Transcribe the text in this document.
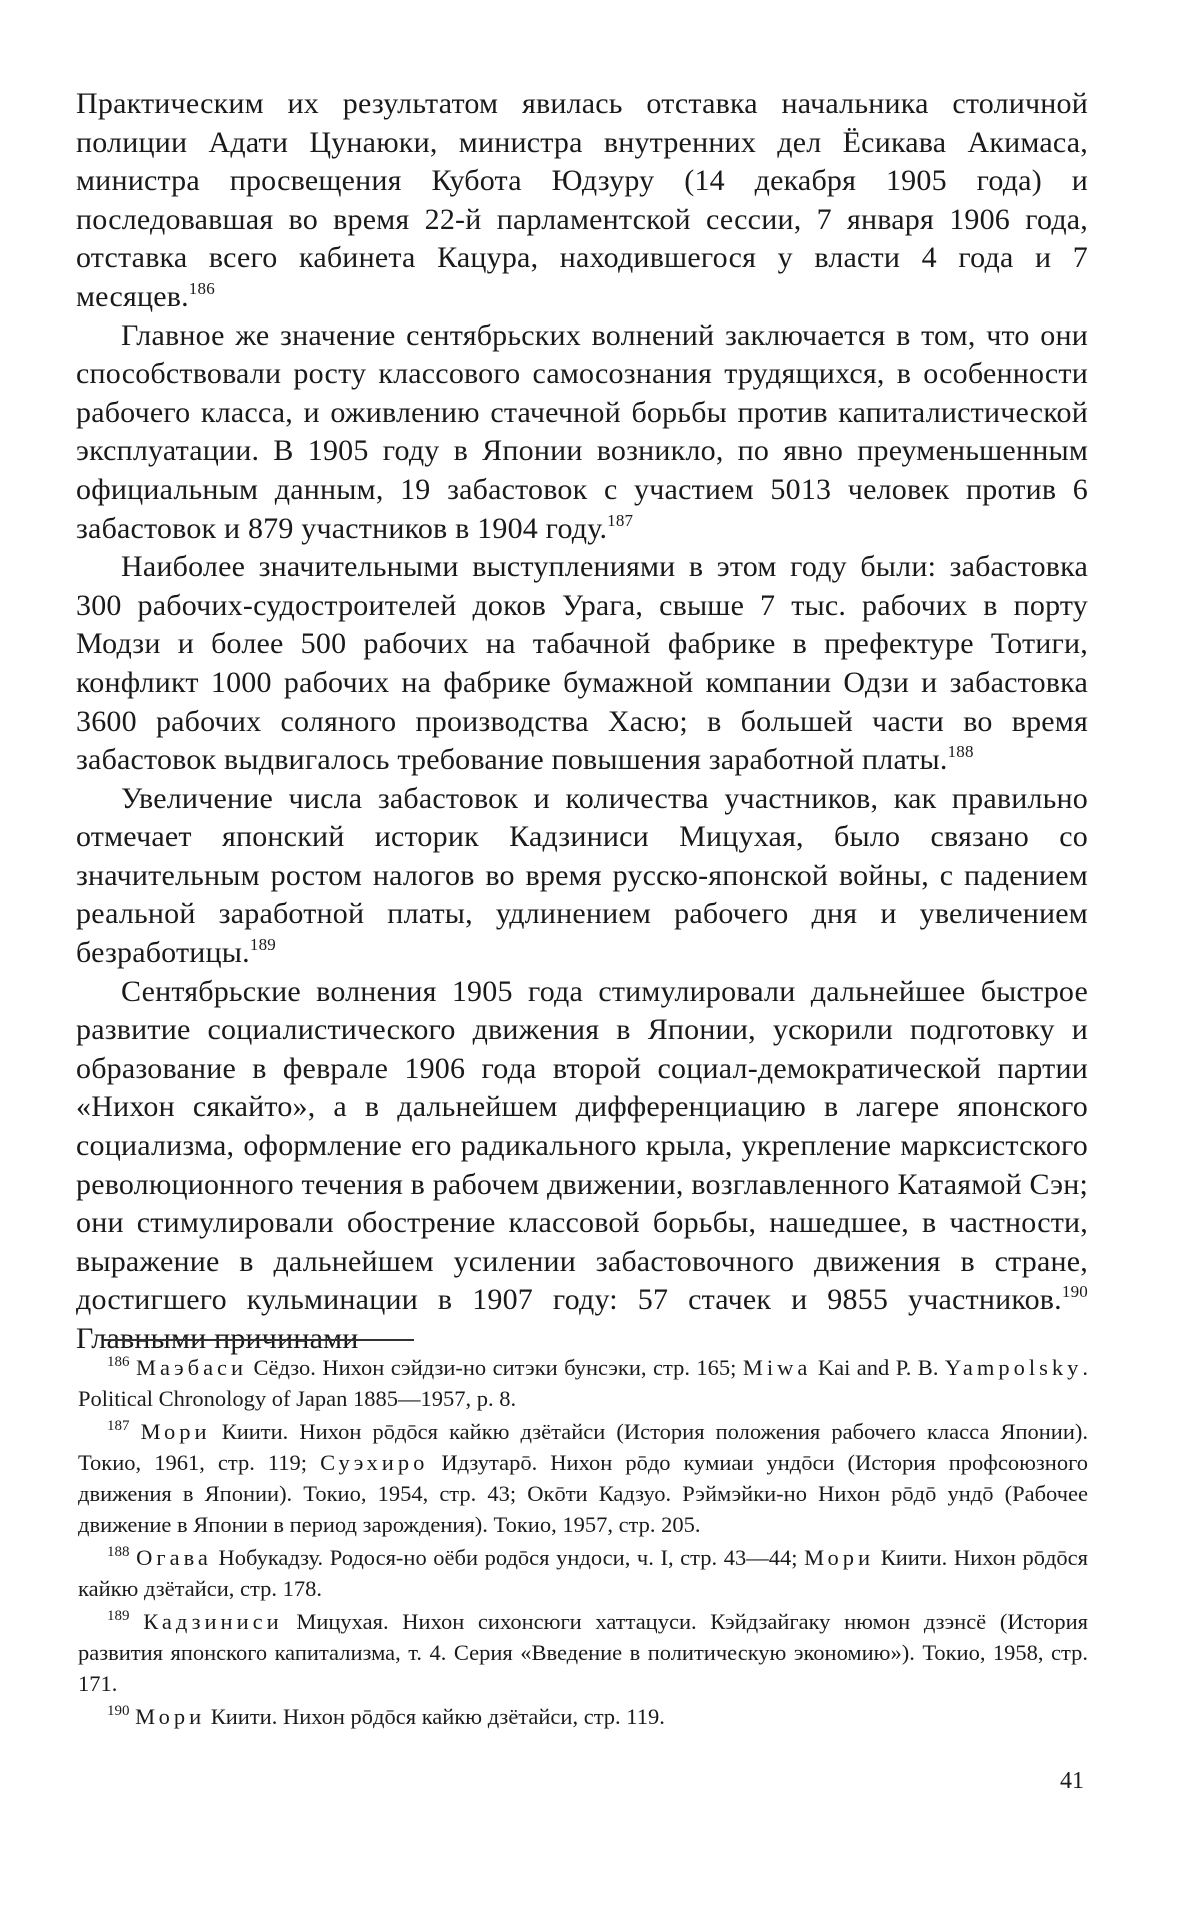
Практическим их результатом явилась отставка начальника столичной полиции Адати Цунаюки, министра внутренних дел Ёсикава Акимаса, министра просвещения Кубота Юдзуру (14 декабря 1905 года) и последовавшая во время 22-й парламентской сессии, 7 января 1906 года, отставка всего кабинета Кацура, находившегося у власти 4 года и 7 месяцев.$^{186}$

Главное же значение сентябрьских волнений заключается в том, что они способствовали росту классового самосознания трудящихся, в особенности рабочего класса, и оживлению стачечной борьбы против капиталистической эксплуатации. В 1905 году в Японии возникло, по явно преуменьшенным официальным данным, 19 забастовок с участием 5013 человек против 6 забастовок и 879 участников в 1904 году.$^{187}$

Наиболее значительными выступлениями в этом году были: забастовка 300 рабочих-судостроителей доков Урага, свыше 7 тыс. рабочих в порту Модзи и более 500 рабочих на табачной фабрике в префектуре Тотиги, конфликт 1000 рабочих на фабрике бумажной компании Одзи и забастовка 3600 рабочих соляного производства Хасю; в большей части во время забастовок выдвигалось требование повышения заработной платы.$^{188}$

Увеличение числа забастовок и количества участников, как правильно отмечает японский историк Кадзиниси Мицухая, было связано со значительным ростом налогов во время русско-японской войны, с падением реальной заработной платы, удлинением рабочего дня и увеличением безработицы.$^{189}$

Сентябрьские волнения 1905 года стимулировали дальнейшее быстрое развитие социалистического движения в Японии, ускорили подготовку и образование в феврале 1906 года второй социал-демократической партии «Нихон сякайто», а в дальнейшем дифференциацию в лагере японского социализма, оформление его радикального крыла, укрепление марксистского революционного течения в рабочем движении, возглавленного Катаямой Сэн; они стимулировали обострение классовой борьбы, нашедшее, в частности, выражение в дальнейшем усилении забастовочного движения в стране, достигшего кульминации в 1907 году: 57 стачек и 9855 участников.$^{190}$ Главными причинами

$^{186}$ Маэбаси Сёдзо. Нихон сэйдзи-но ситэки бунсэки, стр. 165; Miwa Kai and P. B. Yampolsky. Political Chronology of Japan 1885—1957, p. 8.

$^{187}$ Мори Киити. Нихон рōдōся кайкю дзётайси (История положения рабочего класса Японии). Токио, 1961, стр. 119; Суэхиро Идзутарō. Нихон рōдо кумиаи ундōси (История профсоюзного движения в Японии). Токио, 1954, стр. 43; Окōти Кадзуо. Рэймэйки-но Нихон рōдō ундō (Рабочее движение в Японии в период зарождения). Токио, 1957, стр. 205.

$^{188}$ Огава Нобукадзу. Родося-но оёби родōся ундоси, ч. I, стр. 43—44; Мори Киити. Нихон рōдōся кайкю дзётайси, стр. 178.

$^{189}$ Кадзиниси Мицухая. Нихон сихонсюги хаттацуси. Кэйдзайгаку нюмон дзэнсё (История развития японского капитализма, т. 4. Серия «Введение в политическую экономию»). Токио, 1958, стр. 171.

$^{190}$ Мори Киити. Нихон рōдōся кайкю дзётайси, стр. 119.

41
